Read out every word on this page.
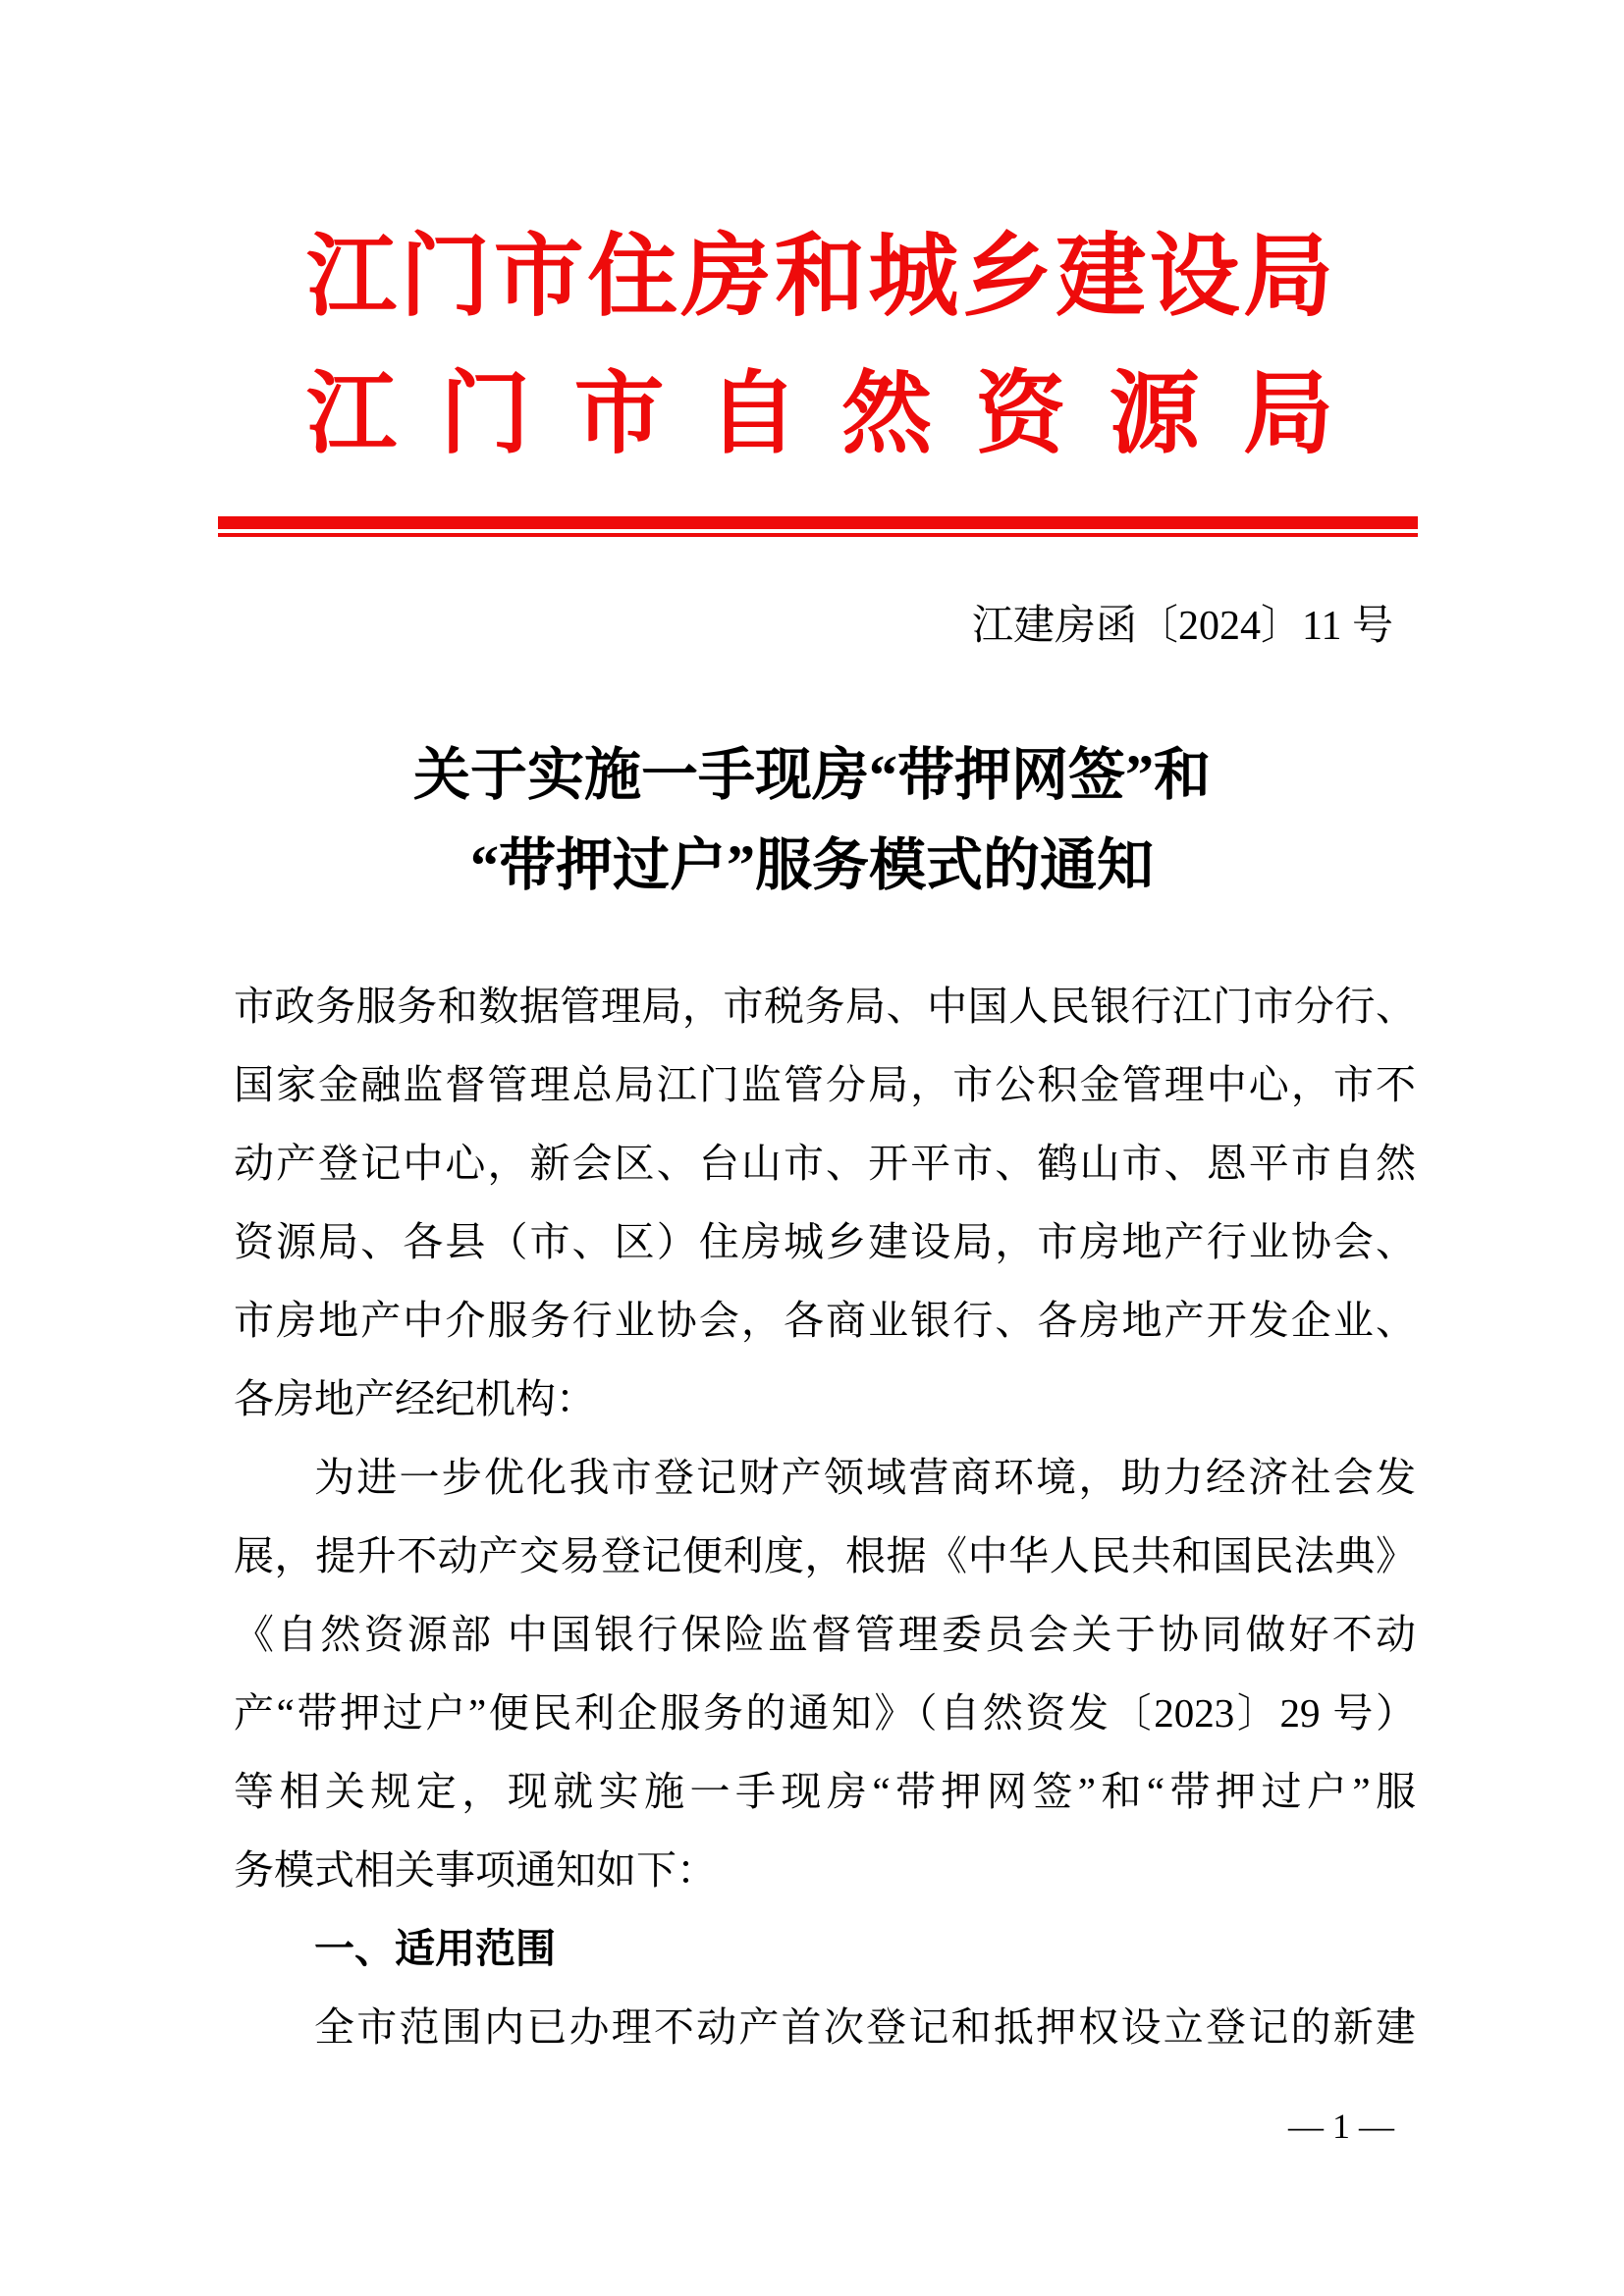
江门市住房和城乡建设局
江门市自然资源局
江建房函〔2024〕11 号
关于实施一手现房“带押网签”和
“带押过户”服务模式的通知
市政务服务和数据管理局，市税务局、中国人民银行江门市分行、
国家金融监督管理总局江门监管分局，市公积金管理中心，市不
动产登记中心，新会区、台山市、开平市、鹤山市、恩平市自然
资源局、各县（市、区）住房城乡建设局，市房地产行业协会、
市房地产中介服务行业协会，各商业银行、各房地产开发企业、
各房地产经纪机构：
为进一步优化我市登记财产领域营商环境，助力经济社会发
展，提升不动产交易登记便利度，根据《中华人民共和国民法典》
《自然资源部 中国银行保险监督管理委员会关于协同做好不动
产“带押过户”便民利企服务的通知》（自然资发〔2023〕29 号）
等相关规定，现就实施一手现房“带押网签”和“带押过户”服
务模式相关事项通知如下：
一、适用范围
全市范围内已办理不动产首次登记和抵押权设立登记的新建
— 1 —
